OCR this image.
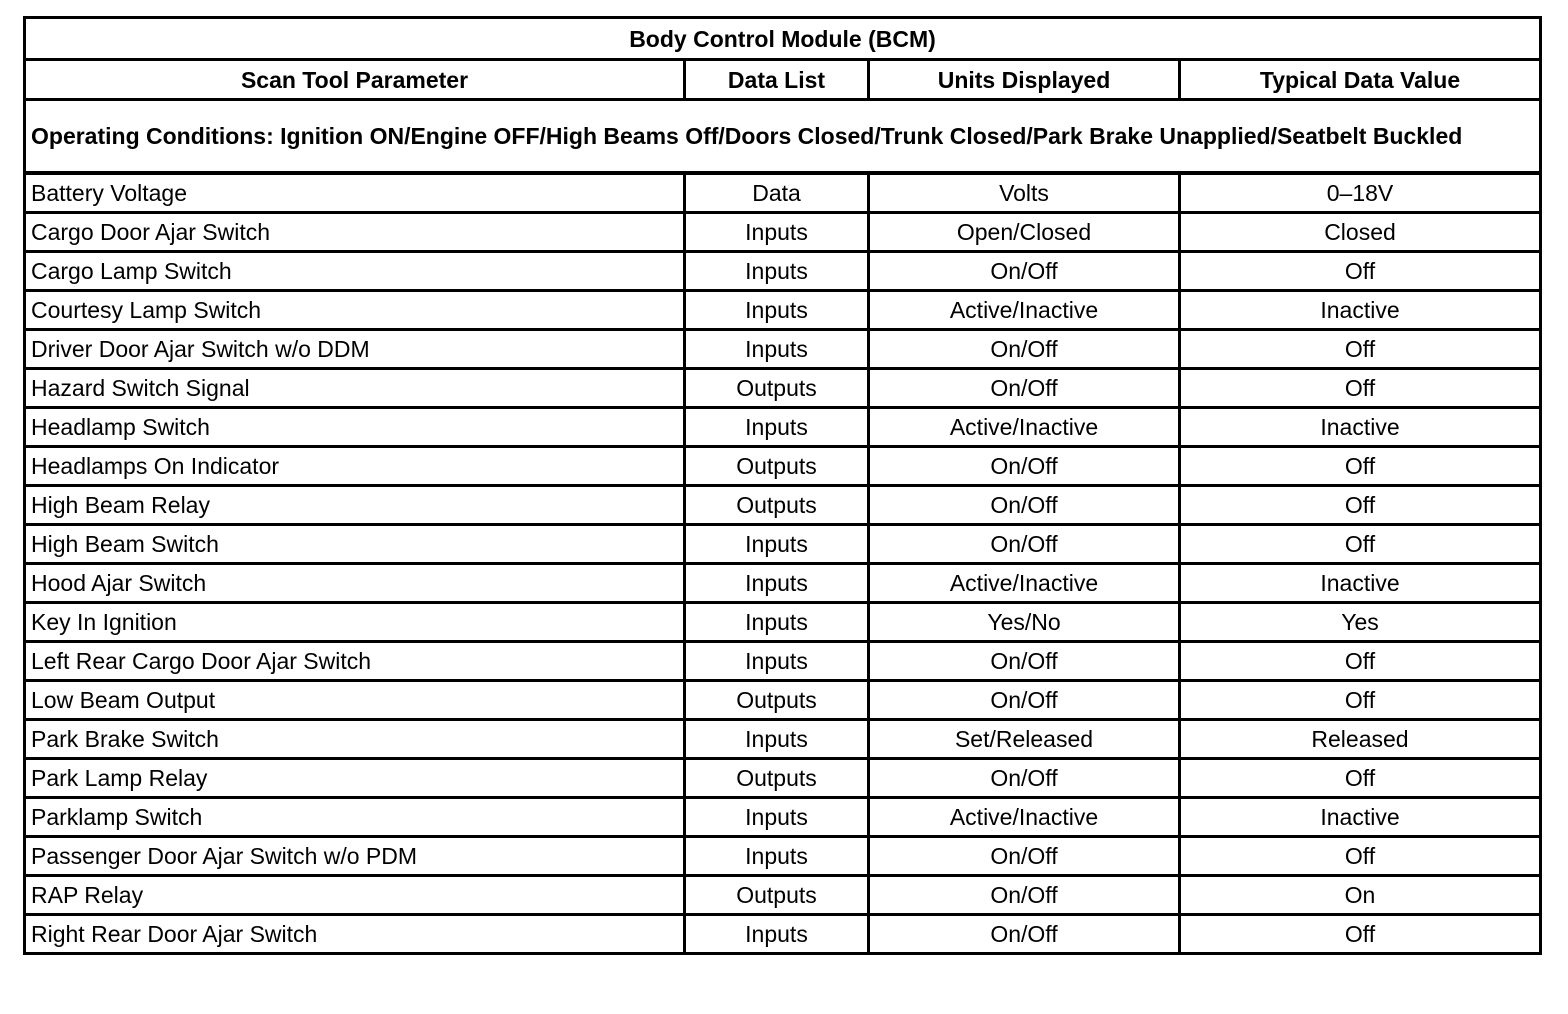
Body Control Module (BCM)			
Scan Tool Parameter	Data List	Units Displayed	Typical Data Value
Operating Conditions: Ignition ON/Engine OFF/High Beams Off/Doors Closed/Trunk Closed/Park Brake Unapplied/Seatbelt Buckled			
Battery Voltage	Data	Volts	0–18V
Cargo Door Ajar Switch	Inputs	Open/Closed	Closed
Cargo Lamp Switch	Inputs	On/Off	Off
Courtesy Lamp Switch	Inputs	Active/Inactive	Inactive
Driver Door Ajar Switch w/o DDM	Inputs	On/Off	Off
Hazard Switch Signal	Outputs	On/Off	Off
Headlamp Switch	Inputs	Active/Inactive	Inactive
Headlamps On Indicator	Outputs	On/Off	Off
High Beam Relay	Outputs	On/Off	Off
High Beam Switch	Inputs	On/Off	Off
Hood Ajar Switch	Inputs	Active/Inactive	Inactive
Key In Ignition	Inputs	Yes/No	Yes
Left Rear Cargo Door Ajar Switch	Inputs	On/Off	Off
Low Beam Output	Outputs	On/Off	Off
Park Brake Switch	Inputs	Set/Released	Released
Park Lamp Relay	Outputs	On/Off	Off
Parklamp Switch	Inputs	Active/Inactive	Inactive
Passenger Door Ajar Switch w/o PDM	Inputs	On/Off	Off
RAP Relay	Outputs	On/Off	On
Right Rear Door Ajar Switch	Inputs	On/Off	Off
